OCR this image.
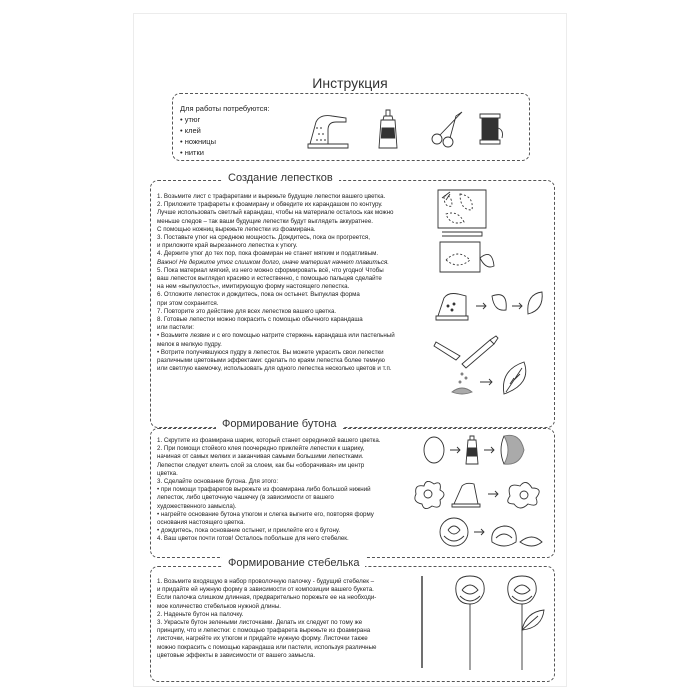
Инструкция
Для работы потребуются:
• утюг
• клей
• ножницы
• нитки
Создание лепестков
1. Возьмите лист с трафаретами и вырежьте будущие лепестки вашего цветка.
2. Приложите трафареты к фоамирану и обведите их карандашом по контуру.
Лучше использовать светлый карандаш, чтобы на материале осталось как можно
меньше следов – так ваши будущие лепестки будут выглядеть аккуратнее.
С помощью ножниц вырежьте лепестки из фоамирана.
3. Поставьте утюг на среднюю мощность. Дождитесь, пока он прогреется,
и приложите край вырезанного лепестка к утюгу.
4. Держите утюг до тех пор, пока фоамиран не станет мягким и податливым.
Важно! Не держите утюг слишком долго, иначе материал начнет плавиться.
5. Пока материал мягкий, из него можно сформировать всё, что угодно! Чтобы
ваш лепесток выглядел красиво и естественно, с помощью пальцев сделайте
на нем «выпуклость», имитирующую форму настоящего лепестка.
6. Отложите лепесток и дождитесь, пока он остынет. Выпуклая форма
при этом сохранится.
7. Повторите это действие для всех лепестков вашего цветка.
8. Готовые лепестки можно покрасить с помощью обычного карандаша
или пастели:
• Возьмите лезвие и с его помощью натрите стержень карандаша или пастельный
мелок в мелкую пудру.
• Вотрите получившуюся пудру в лепесток. Вы можете украсить свои лепестки
различными цветовыми эффектами: сделать по краям лепестка более темную
или светлую каемочку, использовать для одного лепестка несколько цветов и т.п.
Формирование бутона
1. Скрутите из фоамирана шарик, который станет серединкой вашего цветка.
2. При помощи стойкого клея поочередно приклейте лепестки к шарику,
начиная от самых мелких и заканчивая самыми большими лепестками.
Лепестки следует клеить слой за слоем, как бы «оборачивая» им центр
цветка.
3. Сделайте основание бутона. Для этого:
• при помощи трафаретов вырежьте из фоамирана либо большой нижний
лепесток, либо цветочную чашечку (в зависимости от вашего
художественного замысла).
• нагрейте основание бутона утюгом и слегка выгните его, повторяя форму
основания настоящего цветка.
• дождитесь, пока основание остынет, и приклейте его к бутону.
4. Ваш цветок почти готов! Осталось побольше для него стебелек.
Формирование стебелька
1. Возьмите входящую в набор проволочную палочку - будущий стебелек –
и придайте ей нужную форму в зависимости от композиции вашего букета.
Если палочка слишком длинная, предварительно порежьте ее на необходи-
мое количество стебельков нужной длины.
2. Наденьте бутон на палочку.
3. Украсьте бутон зелеными листочками. Делать их следует по тому же
принципу, что и лепестки: с помощью трафарета вырежьте из фоамирана
листочки, нагрейте их утюгом и придайте нужную форму. Листочки также
можно покрасить с помощью карандаша или пастели, используя различные
цветовые эффекты в зависимости от вашего замысла.
